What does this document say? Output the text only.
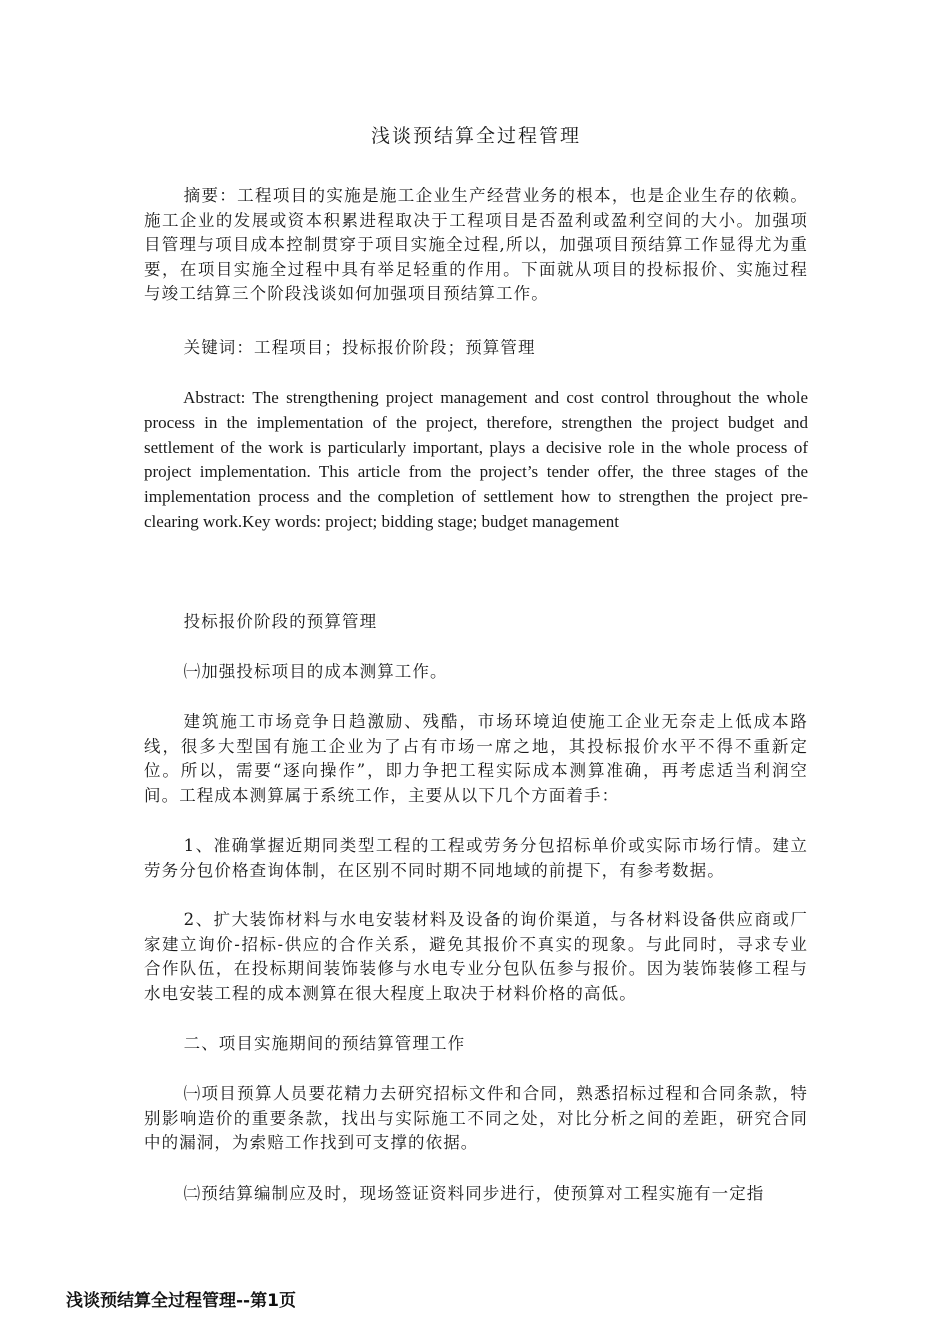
浅谈预结算全过程管理

摘要：工程项目的实施是施工企业生产经营业务的根本，也是企业生存的依赖。施工企业的发展或资本积累进程取决于工程项目是否盈利或盈利空间的大小。加强项目管理与项目成本控制贯穿于项目实施全过程,所以，加强项目预结算工作显得尤为重要，在项目实施全过程中具有举足轻重的作用。下面就从项目的投标报价、实施过程与竣工结算三个阶段浅谈如何加强项目预结算工作。

关键词：工程项目；投标报价阶段；预算管理

Abstract: The strengthening project management and cost control throughout the whole process in the implementation of the project, therefore, strengthen the project budget and settlement of the work is particularly important, plays a decisive role in the whole process of project implementation. This article from the project’s tender offer, the three stages of the implementation process and the completion of settlement how to strengthen the project pre-clearing work.Key words: project; bidding stage; budget management

投标报价阶段的预算管理

㈠加强投标项目的成本测算工作。

建筑施工市场竞争日趋激励、残酷，市场环境迫使施工企业无奈走上低成本路线，很多大型国有施工企业为了占有市场一席之地，其投标报价水平不得不重新定位。所以，需要“逐向操作”，即力争把工程实际成本测算准确，再考虑适当利润空间。工程成本测算属于系统工作，主要从以下几个方面着手：

1、准确掌握近期同类型工程的工程或劳务分包招标单价或实际市场行情。建立劳务分包价格查询体制，在区别不同时期不同地域的前提下，有参考数据。

2、扩大装饰材料与水电安装材料及设备的询价渠道，与各材料设备供应商或厂家建立询价-招标-供应的合作关系，避免其报价不真实的现象。与此同时，寻求专业合作队伍，在投标期间装饰装修与水电专业分包队伍参与报价。因为装饰装修工程与水电安装工程的成本测算在很大程度上取决于材料价格的高低。

二、项目实施期间的预结算管理工作

㈠项目预算人员要花精力去研究招标文件和合同，熟悉招标过程和合同条款，特别影响造价的重要条款，找出与实际施工不同之处，对比分析之间的差距，研究合同中的漏洞，为索赔工作找到可支撑的依据。

㈡预结算编制应及时，现场签证资料同步进行，使预算对工程实施有一定指

浅谈预结算全过程管理--第1页
